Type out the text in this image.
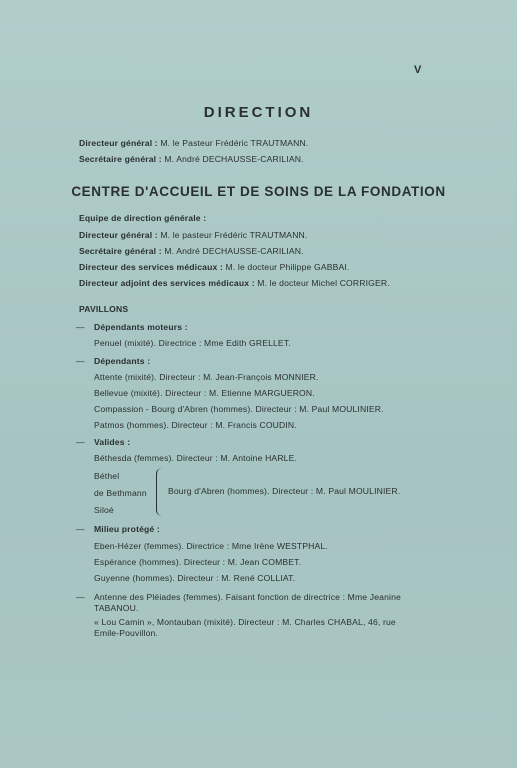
V
DIRECTION
Directeur général : M. le Pasteur Frédéric TRAUTMANN.
Secrétaire général : M. André DECHAUSSE-CARILIAN.
CENTRE D'ACCUEIL ET DE SOINS DE LA FONDATION
Equipe de direction générale :
Directeur général : M. le pasteur Frédéric TRAUTMANN.
Secrétaire général : M. André DECHAUSSE-CARILIAN.
Directeur des services médicaux : M. le docteur Philippe GABBAI.
Directeur adjoint des services médicaux : M. le docteur Michel CORRIGER.
PAVILLONS
— Dépendants moteurs :
Penuel (mixité). Directrice : Mme Edith GRELLET.
— Dépendants :
Attente (mixité). Directeur : M. Jean-François MONNIER.
Bellevue (mixité). Directeur : M. Etienne MARGUERON.
Compassion - Bourg d'Abren (hommes). Directeur : M. Paul MOULINIER.
Patmos (hommes). Directeur : M. Francis COUDIN.
— Valides :
Béthesda (femmes). Directeur : M. Antoine HARLE.
Béthel
de Bethmann
Siloé
Bourg d'Abren (hommes). Directeur : M. Paul MOULINIER.
— Milieu protégé :
Eben-Hézer (femmes). Directrice : Mme Irène WESTPHAL.
Espérance (hommes). Directeur : M. Jean COMBET.
Guyenne (hommes). Directeur : M. René COLLIAT.
— Antenne des Pléiades (femmes). Faisant fonction de directrice : Mme Jeanine
TABANOU.
« Lou Camin », Montauban (mixité). Directeur : M. Charles CHABAL, 46, rue
Emile-Pouvillon.
